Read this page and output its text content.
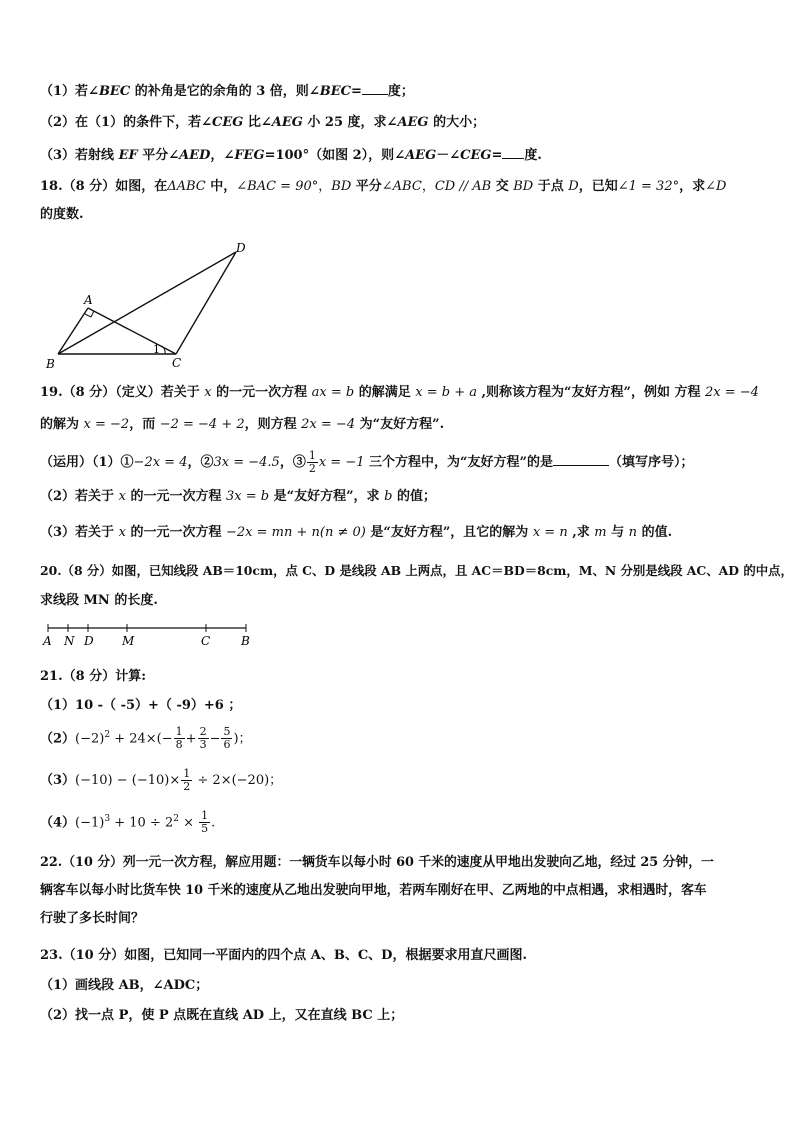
（1）若∠BEC 的补角是它的余角的 3 倍，则∠BEC= 度；
（2）在（1）的条件下，若∠CEG 比∠AEG 小 25 度，求∠AEG 的大小；
（3）若射线 EF 平分∠AED，∠FEG=100°（如图 2），则∠AEG－∠CEG= 度.
18.（8 分）如图，在ΔABC 中，∠BAC = 90°，BD 平分∠ABC，CD // AB 交 BD 于点 D，已知∠1 = 32°，求∠D
的度数.
A
B	C
D
1
19.（8 分）（定义）若关于 x 的一元一次方程 ax = b 的解满足 x = b + a ,则称该方程为“友好方程”，例如 方程 2x = −4
的解为 x = −2，而 −2 = −4 + 2，则方程 2x = −4 为“友好方程”.
（运用）（1）①−2x = 4，②3x = −4.5，③ $\frac{1}{2}$ x = −1 三个方程中，为“友好方程”的是	（填写序号）；
（2）若关于 x 的一元一次方程 3x = b 是“友好方程”，求 b 的值；
（3）若关于 x 的一元一次方程 −2x = mn + n(n ≠ 0) 是“友好方程”，且它的解为 x = n ,求 m 与 n 的值.
20.（8 分）如图，已知线段 AB＝10cm，点 C、D 是线段 AB 上两点，且 AC＝BD＝8cm，M、N 分别是线段 AC、AD 的中点，
求线段 MN 的长度.
A N D M	C	B
21.（8 分）计算:
（1）10 -（ -5）+（ -9）+6 ；
$(2)(-2)^2 + 24\times(- \frac{1}{8} + \frac{2}{3} - \frac{5}{6}$ )；
$(3)(-10) - (-10)\times \frac{1}{2} \div 2\times(-20)$；
$(4)(-1)^3 + 10 \div 2^2 \times \frac{1}{5}$ .
22.（10 分）列一元一次方程，解应用题：一辆货车以每小时 60 千米的速度从甲地出发驶向乙地，经过 25 分钟，一
辆客车以每小时比货车快 10 千米的速度从乙地出发驶向甲地，若两车刚好在甲、乙两地的中点相遇，求相遇时，客车
行驶了多长时间？
23.（10 分）如图，已知同一平面内的四个点 A、B、C、D，根据要求用直尺画图.
（1）画线段 AB，∠ADC；
（2）找一点 P，使 P 点既在直线 AD 上，又在直线 BC 上；
